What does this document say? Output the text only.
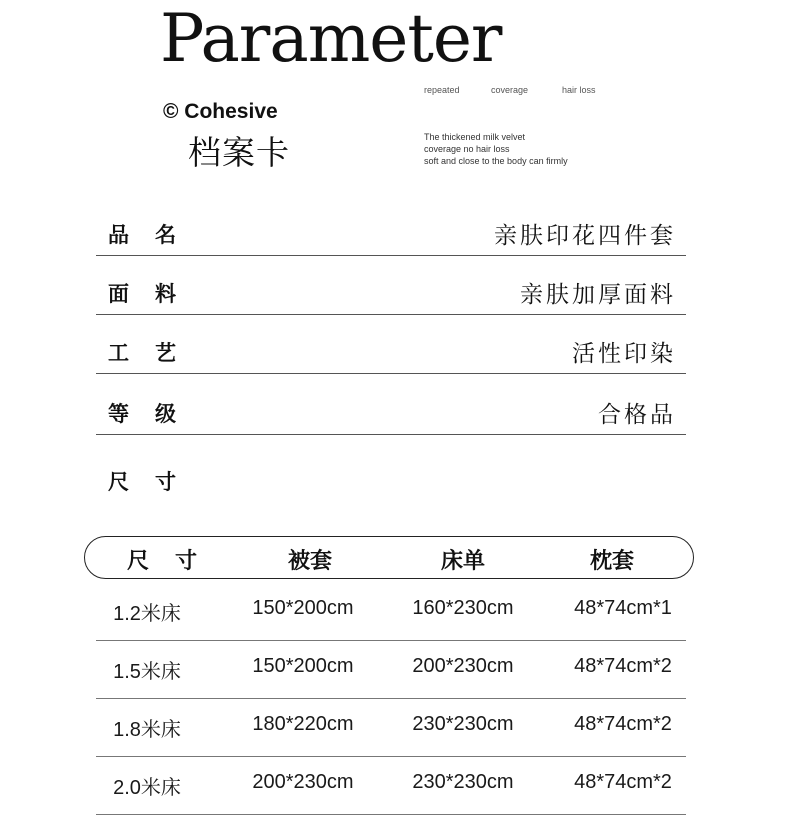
Parameter
repeated	coverage	hair loss
© Cohesive
档案卡	The thickened milk velvet
coverage no hair loss
soft and close to the body can firmly
品名	亲肤印花四件套
面料	亲肤加厚面料
工艺	活性印染
等级	合格品
尺寸
尺寸	被套	床单	枕套
1.2米床	150*200cm	160*230cm	48*74cm*1
1.5米床	150*200cm	200*230cm	48*74cm*2
1.8米床	180*220cm	230*230cm	48*74cm*2
2.0米床	200*230cm	230*230cm	48*74cm*2
